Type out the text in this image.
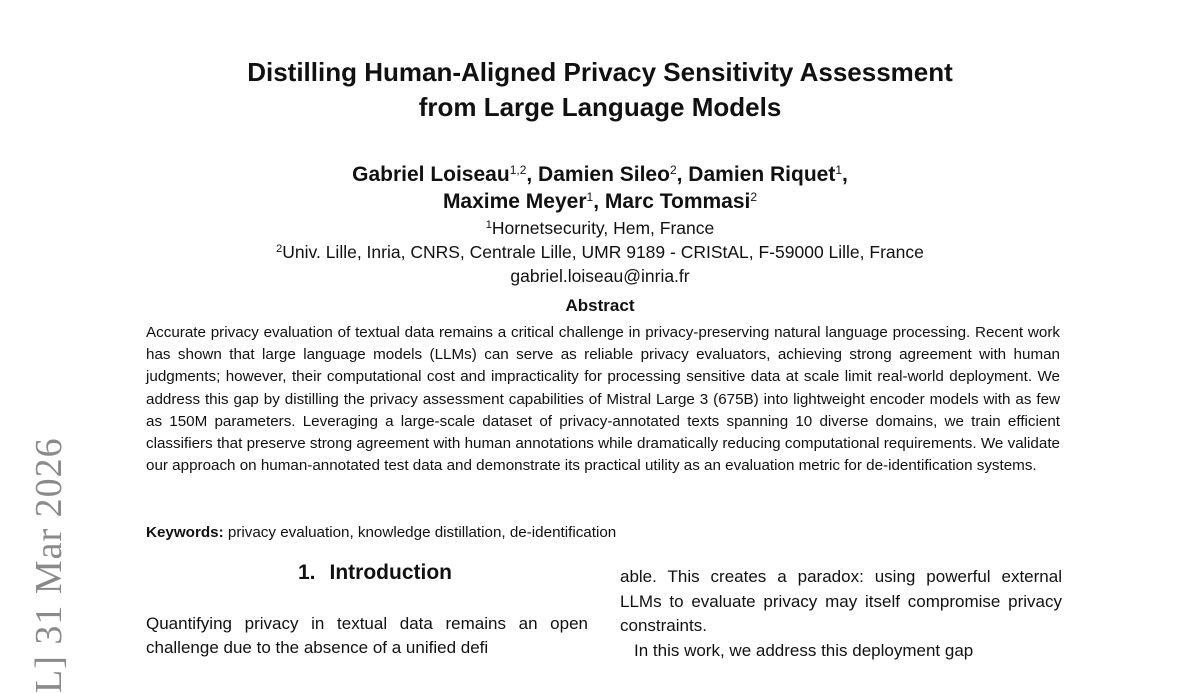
L] 31 Mar 2026
Distilling Human-Aligned Privacy Sensitivity Assessment
from Large Language Models
Gabriel Loiseau$^{1,2}$, Damien Sileo$^2$, Damien Riquet$^1$,
Maxime Meyer$^1$, Marc Tommasi$^2$
$^1$Hornetsecurity, Hem, France
$^2$Univ. Lille, Inria, CNRS, Centrale Lille, UMR 9189 - CRIStAL, F-59000 Lille, France
gabriel.loiseau@inria.fr
Abstract
Accurate privacy evaluation of textual data remains a critical challenge in privacy-preserving natural language processing. Recent work has shown that large language models (LLMs) can serve as reliable privacy evaluators, achieving strong agreement with human judgments; however, their computational cost and impracticality for processing sensitive data at scale limit real-world deployment. We address this gap by distilling the privacy assessment capabilities of Mistral Large 3 (675B) into lightweight encoder models with as few as 150M parameters. Leveraging a large-scale dataset of privacy-annotated texts spanning 10 diverse domains, we train efficient classifiers that preserve strong agreement with human annotations while dramatically reducing computational requirements. We validate our approach on human-annotated test data and demonstrate its practical utility as an evaluation metric for de-identification systems.
Keywords: privacy evaluation, knowledge distillation, de-identification
1. Introduction
Quantifying privacy in textual data remains an open challenge due to the absence of a unified defi

able. This creates a paradox: using powerful external LLMs to evaluate privacy may itself compromise privacy constraints.

In this work, we address this deployment gap
